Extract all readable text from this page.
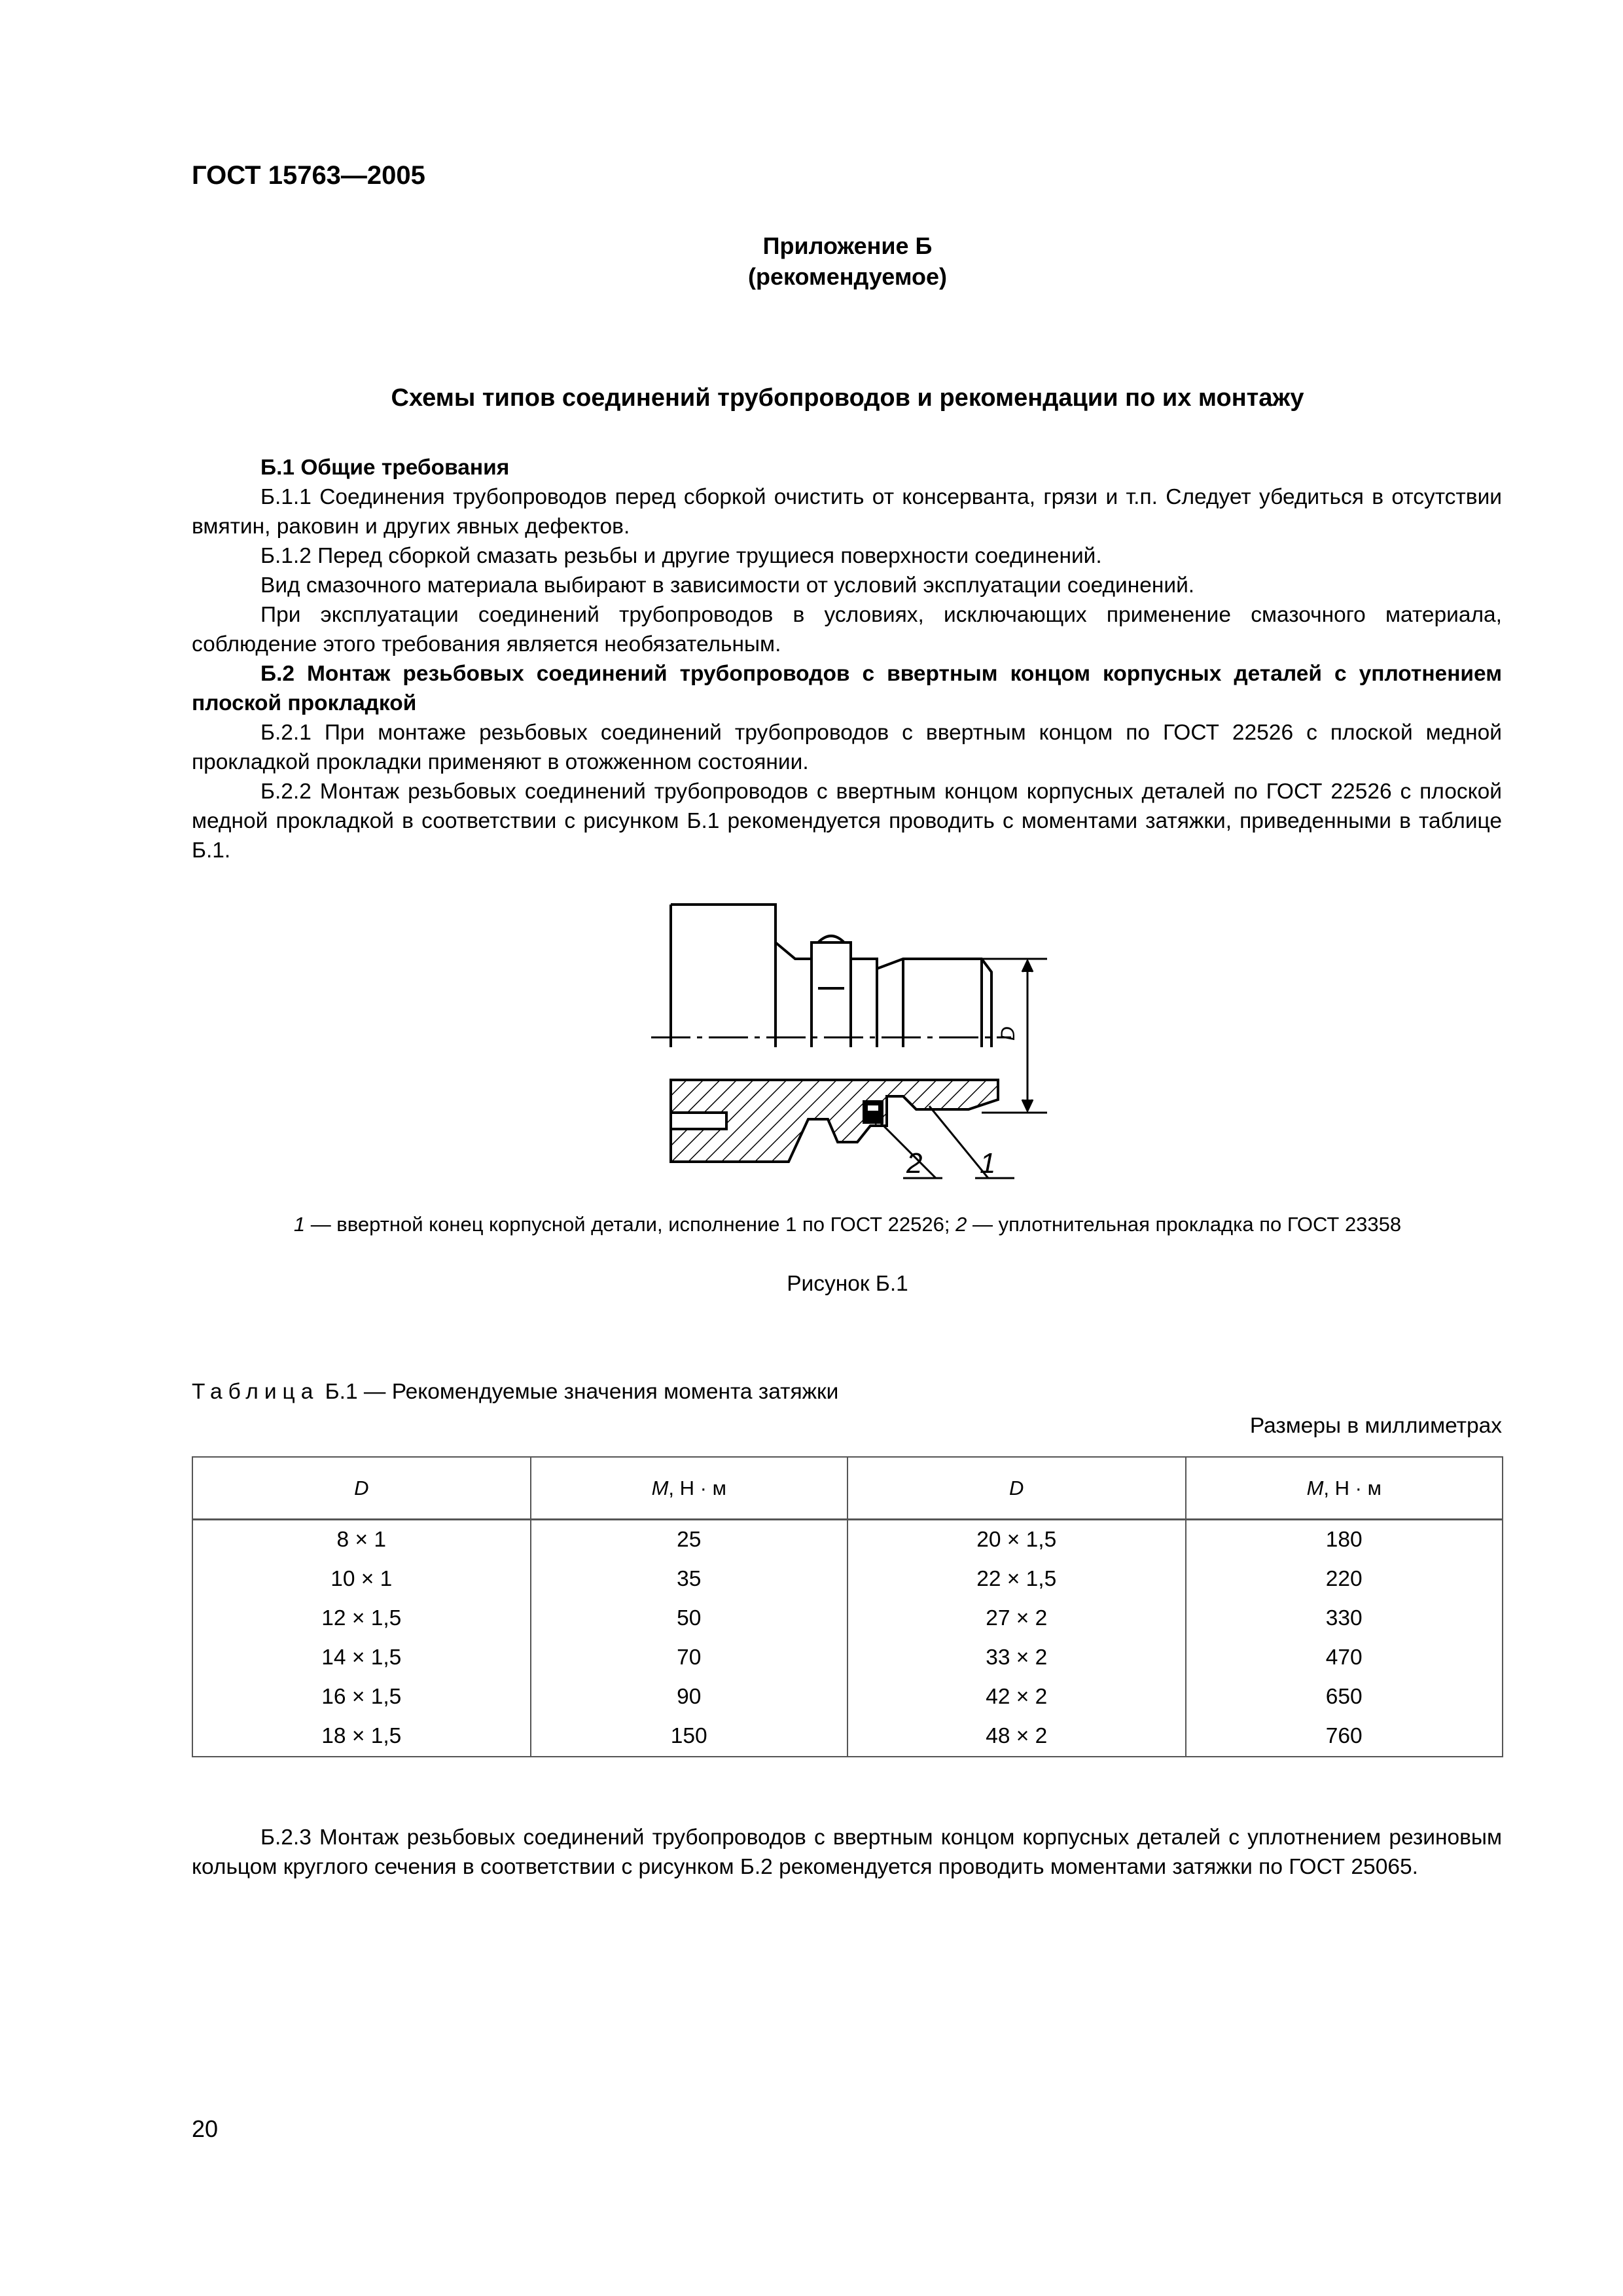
ГОСТ 15763—2005
Приложение Б
(рекомендуемое)
Схемы типов соединений трубопроводов и рекомендации по их монтажу

Б.1 Общие требования

Б.1.1 Соединения трубопроводов перед сборкой очистить от консерванта, грязи и т.п. Следует убедиться в отсутствии вмятин, раковин и других явных дефектов.

Б.1.2 Перед сборкой смазать резьбы и другие трущиеся поверхности соединений.

Вид смазочного материала выбирают в зависимости от условий эксплуатации соединений.

При эксплуатации соединений трубопроводов в условиях, исключающих применение смазочного материала, соблюдение этого требования является необязательным.

Б.2 Монтаж резьбовых соединений трубопроводов с ввертным концом корпусных деталей с уплотнением плоской прокладкой

Б.2.1 При монтаже резьбовых соединений трубопроводов с ввертным концом по ГОСТ 22526 с плоской медной прокладкой прокладки применяют в отожженном состоянии.

Б.2.2 Монтаж резьбовых соединений трубопроводов с ввертным концом корпусных деталей по ГОСТ 22526 с плоской медной прокладкой в соответствии с рисунком Б.1 рекомендуется проводить с моментами затяжки, приведенными в таблице Б.1.

D
2 1
1 — ввертной конец корпусной детали, исполнение 1 по ГОСТ 22526; 2 — уплотнительная прокладка по ГОСТ 23358
Рисунок Б.1
Таблица Б.1 — Рекомендуемые значения момента затяжки
Размеры в миллиметрах
D	M, Н · м	D	M, Н · м
8 × 1	25	20 × 1,5	180
10 × 1	35	22 × 1,5	220
12 × 1,5	50	27 × 2	330
14 × 1,5	70	33 × 2	470
16 × 1,5	90	42 × 2	650
18 × 1,5	150	48 × 2	760

Б.2.3 Монтаж резьбовых соединений трубопроводов с ввертным концом корпусных деталей с уплотнением резиновым кольцом круглого сечения в соответствии с рисунком Б.2 рекомендуется проводить моментами затяжки по ГОСТ 25065.

20
